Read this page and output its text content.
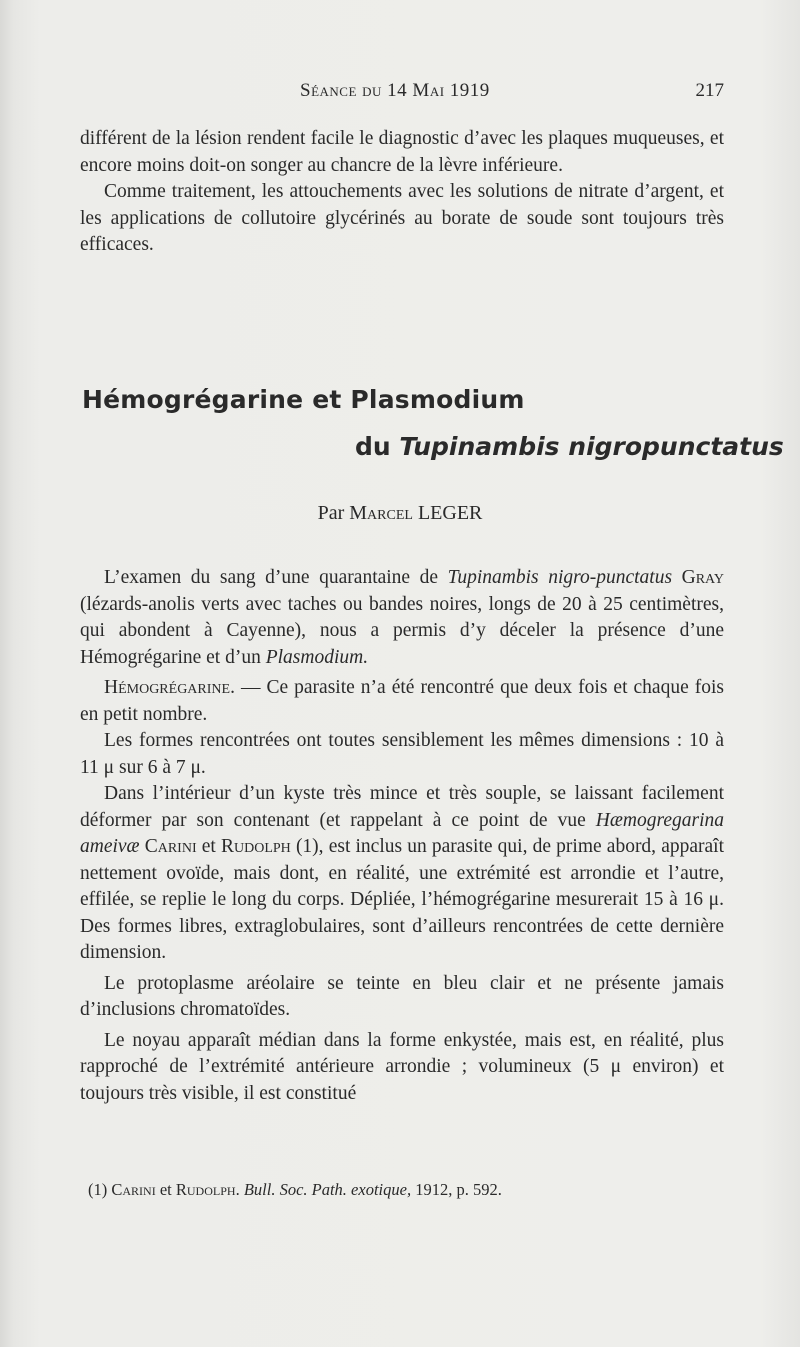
Séance du 14 Mai 1919	217

différent de la lésion rendent facile le diagnostic d’avec les plaques muqueuses, et encore moins doit-on songer au chancre de la lèvre inférieure.

Comme traitement, les attouchements avec les solutions de nitrate d’argent, et les applications de collutoire glycérinés au borate de soude sont toujours très efficaces.

Hémogrégarine et Plasmodium
du Tupinambis nigropunctatus
Par Marcel LEGER

L’examen du sang d’une quarantaine de Tupinambis nigro-punctatus Gray (lézards-anolis verts avec taches ou bandes noires, longs de 20 à 25 centimètres, qui abondent à Cayenne), nous a permis d’y déceler la présence d’une Hémogrégarine et d’un Plasmodium.

Hémogrégarine. — Ce parasite n’a été rencontré que deux fois et chaque fois en petit nombre.

Les formes rencontrées ont toutes sensiblement les mêmes dimensions : 10 à 11 μ sur 6 à 7 μ.

Dans l’intérieur d’un kyste très mince et très souple, se laissant facilement déformer par son contenant (et rappelant à ce point de vue Hæmogregarina ameivæ Carini et Rudolph (1), est inclus un parasite qui, de prime abord, apparaît nettement ovoïde, mais dont, en réalité, une extrémité est arrondie et l’autre, effilée, se replie le long du corps. Dépliée, l’hémogrégarine mesurerait 15 à 16 μ. Des formes libres, extraglobulaires, sont d’ailleurs rencontrées de cette dernière dimension.

Le protoplasme aréolaire se teinte en bleu clair et ne présente jamais d’inclusions chromatoïdes.

Le noyau apparaît médian dans la forme enkystée, mais est, en réalité, plus rapproché de l’extrémité antérieure arrondie ; volumineux (5 μ environ) et toujours très visible, il est constitué

(1) Carini et Rudolph. Bull. Soc. Path. exotique, 1912, p. 592.
